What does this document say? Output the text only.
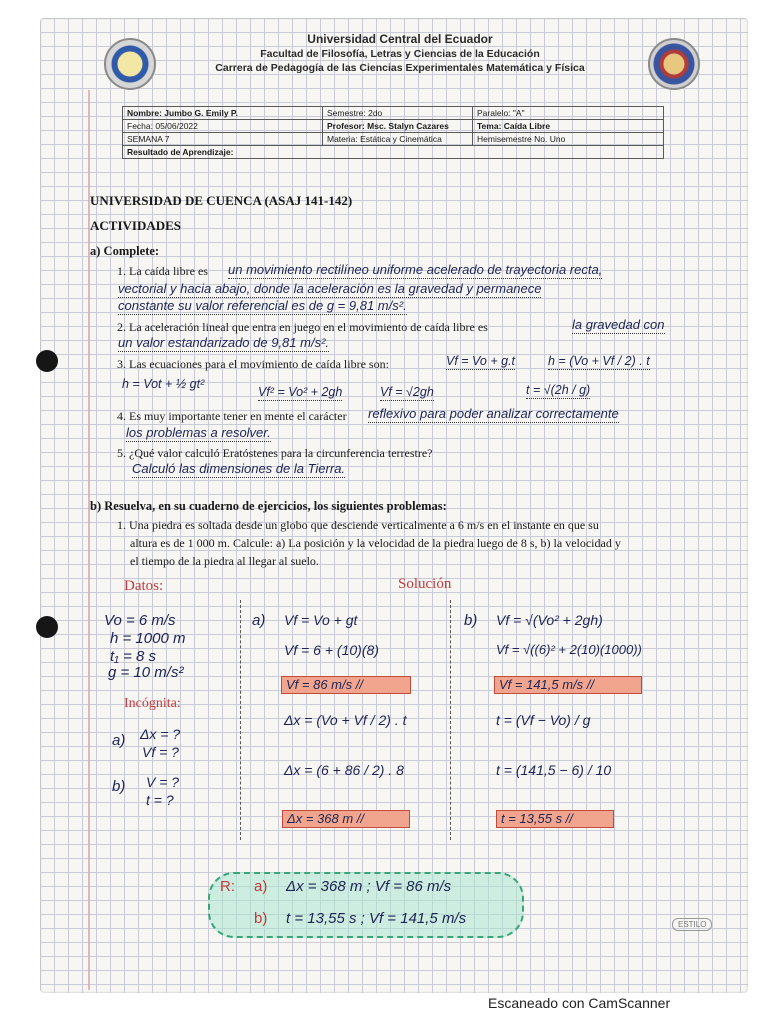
Universidad Central del Ecuador
Facultad de Filosofía, Letras y Ciencias de la Educación
Carrera de Pedagogía de las Ciencias Experimentales Matemática y Física
Nombre: Jumbo G. Emily P.	Semestre: 2do	Paralelo: "A"
Fecha: 05/06/2022	Profesor: Msc. Stalyn Cazares	Tema: Caída Libre
SEMANA 7	Materia: Estática y Cinemática	Hemisemestre No. Uno
Resultado de Aprendizaje:		
UNIVERSIDAD DE CUENCA (ASAJ 141-142)
ACTIVIDADES
a) Complete:
1. La caída libre es un movimiento rectilíneo uniforme acelerado de trayectoria recta,
vectorial y hacia abajo, donde la aceleración es la gravedad y permanece
constante su valor referencial es de g = 9,81 m/s².
2. La aceleración lineal que entra en juego en el movimiento de caída libre es	la gravedad con
un valor estandarizado de 9,81 m/s².
3. Las ecuaciones para el movimiento de caída libre son:	Vf = Vo + g.t	h = (Vo + Vf / 2) . t
h = Vot + ½ gt²
Vf² = Vo² + 2gh	Vf = √2gh	t = √(2h / g)
4. Es muy importante tener en mente el carácter reflexivo para poder analizar correctamente
los problemas a resolver.
5. ¿Qué valor calculó Eratóstenes para la circunferencia terrestre?
Calculó las dimensiones de la Tierra.
b) Resuelva, en su cuaderno de ejercicios, los siguientes problemas:
1. Una piedra es soltada desde un globo que desciende verticalmente a 6 m/s en el instante en que su
altura es de 1 000 m. Calcule: a) La posición y la velocidad de la piedra luego de 8 s, b) la velocidad y
el tiempo de la piedra al llegar al suelo.
Datos:	Solución
Vo = 6 m/s
h = 1000 m
t₁ = 8 s
g = 10 m/s²
Incógnita:
a) Δx = ?
Vf = ?
b) V = ?
t = ?
a) Vf = Vo + gt
Vf = 6 + (10)(8)
Vf = 86 m/s //
Δx = (Vo + Vf / 2) . t
Δx = (6 + 86 / 2) . 8
Δx = 368 m //
b) Vf = √(Vo² + 2gh)
Vf = √((6)² + 2(10)(1000))
Vf = 141,5 m/s //
t = (Vf − Vo) / g
t = (141,5 − 6) / 10
t = 13,55 s //
R: a) Δx = 368 m ; Vf = 86 m/s
b) t = 13,55 s ; Vf = 141,5 m/s	ESTILO
Escaneado con CamScanner
